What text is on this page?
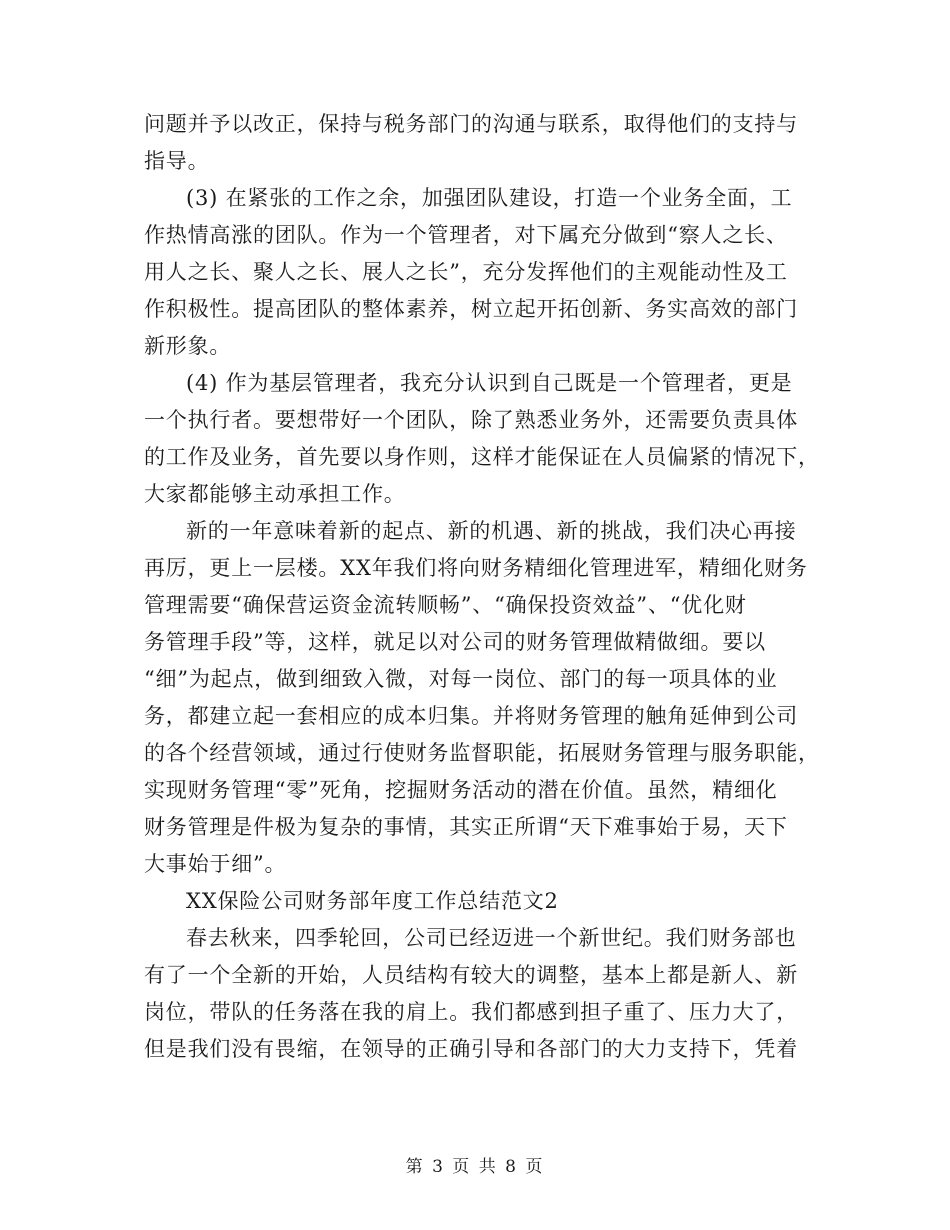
问题并予以改正，保持与税务部门的沟通与联系，取得他们的支持与
指导。
(3) 在紧张的工作之余，加强团队建设，打造一个业务全面，工
作热情高涨的团队。作为一个管理者，对下属充分做到“察人之长、
用人之长、聚人之长、展人之长”，充分发挥他们的主观能动性及工
作积极性。提高团队的整体素养，树立起开拓创新、务实高效的部门
新形象。
(4) 作为基层管理者，我充分认识到自己既是一个管理者，更是
一个执行者。要想带好一个团队，除了熟悉业务外，还需要负责具体
的工作及业务，首先要以身作则，这样才能保证在人员偏紧的情况下，
大家都能够主动承担工作。
新的一年意味着新的起点、新的机遇、新的挑战，我们决心再接
再厉，更上一层楼。XX年我们将向财务精细化管理进军，精细化财务
管理需要“确保营运资金流转顺畅”、“确保投资效益”、“优化财
务管理手段”等，这样，就足以对公司的财务管理做精做细。要以
“细”为起点，做到细致入微，对每一岗位、部门的每一项具体的业
务，都建立起一套相应的成本归集。并将财务管理的触角延伸到公司
的各个经营领域，通过行使财务监督职能，拓展财务管理与服务职能，
实现财务管理“零”死角，挖掘财务活动的潜在价值。虽然，精细化
财务管理是件极为复杂的事情，其实正所谓“天下难事始于易，天下
大事始于细”。
XX保险公司财务部年度工作总结范文2
春去秋来，四季轮回，公司已经迈进一个新世纪。我们财务部也
有了一个全新的开始，人员结构有较大的调整，基本上都是新人、新
岗位，带队的任务落在我的肩上。我们都感到担子重了、压力大了，
但是我们没有畏缩，在领导的正确引导和各部门的大力支持下，凭着
第 3 页 共 8 页
